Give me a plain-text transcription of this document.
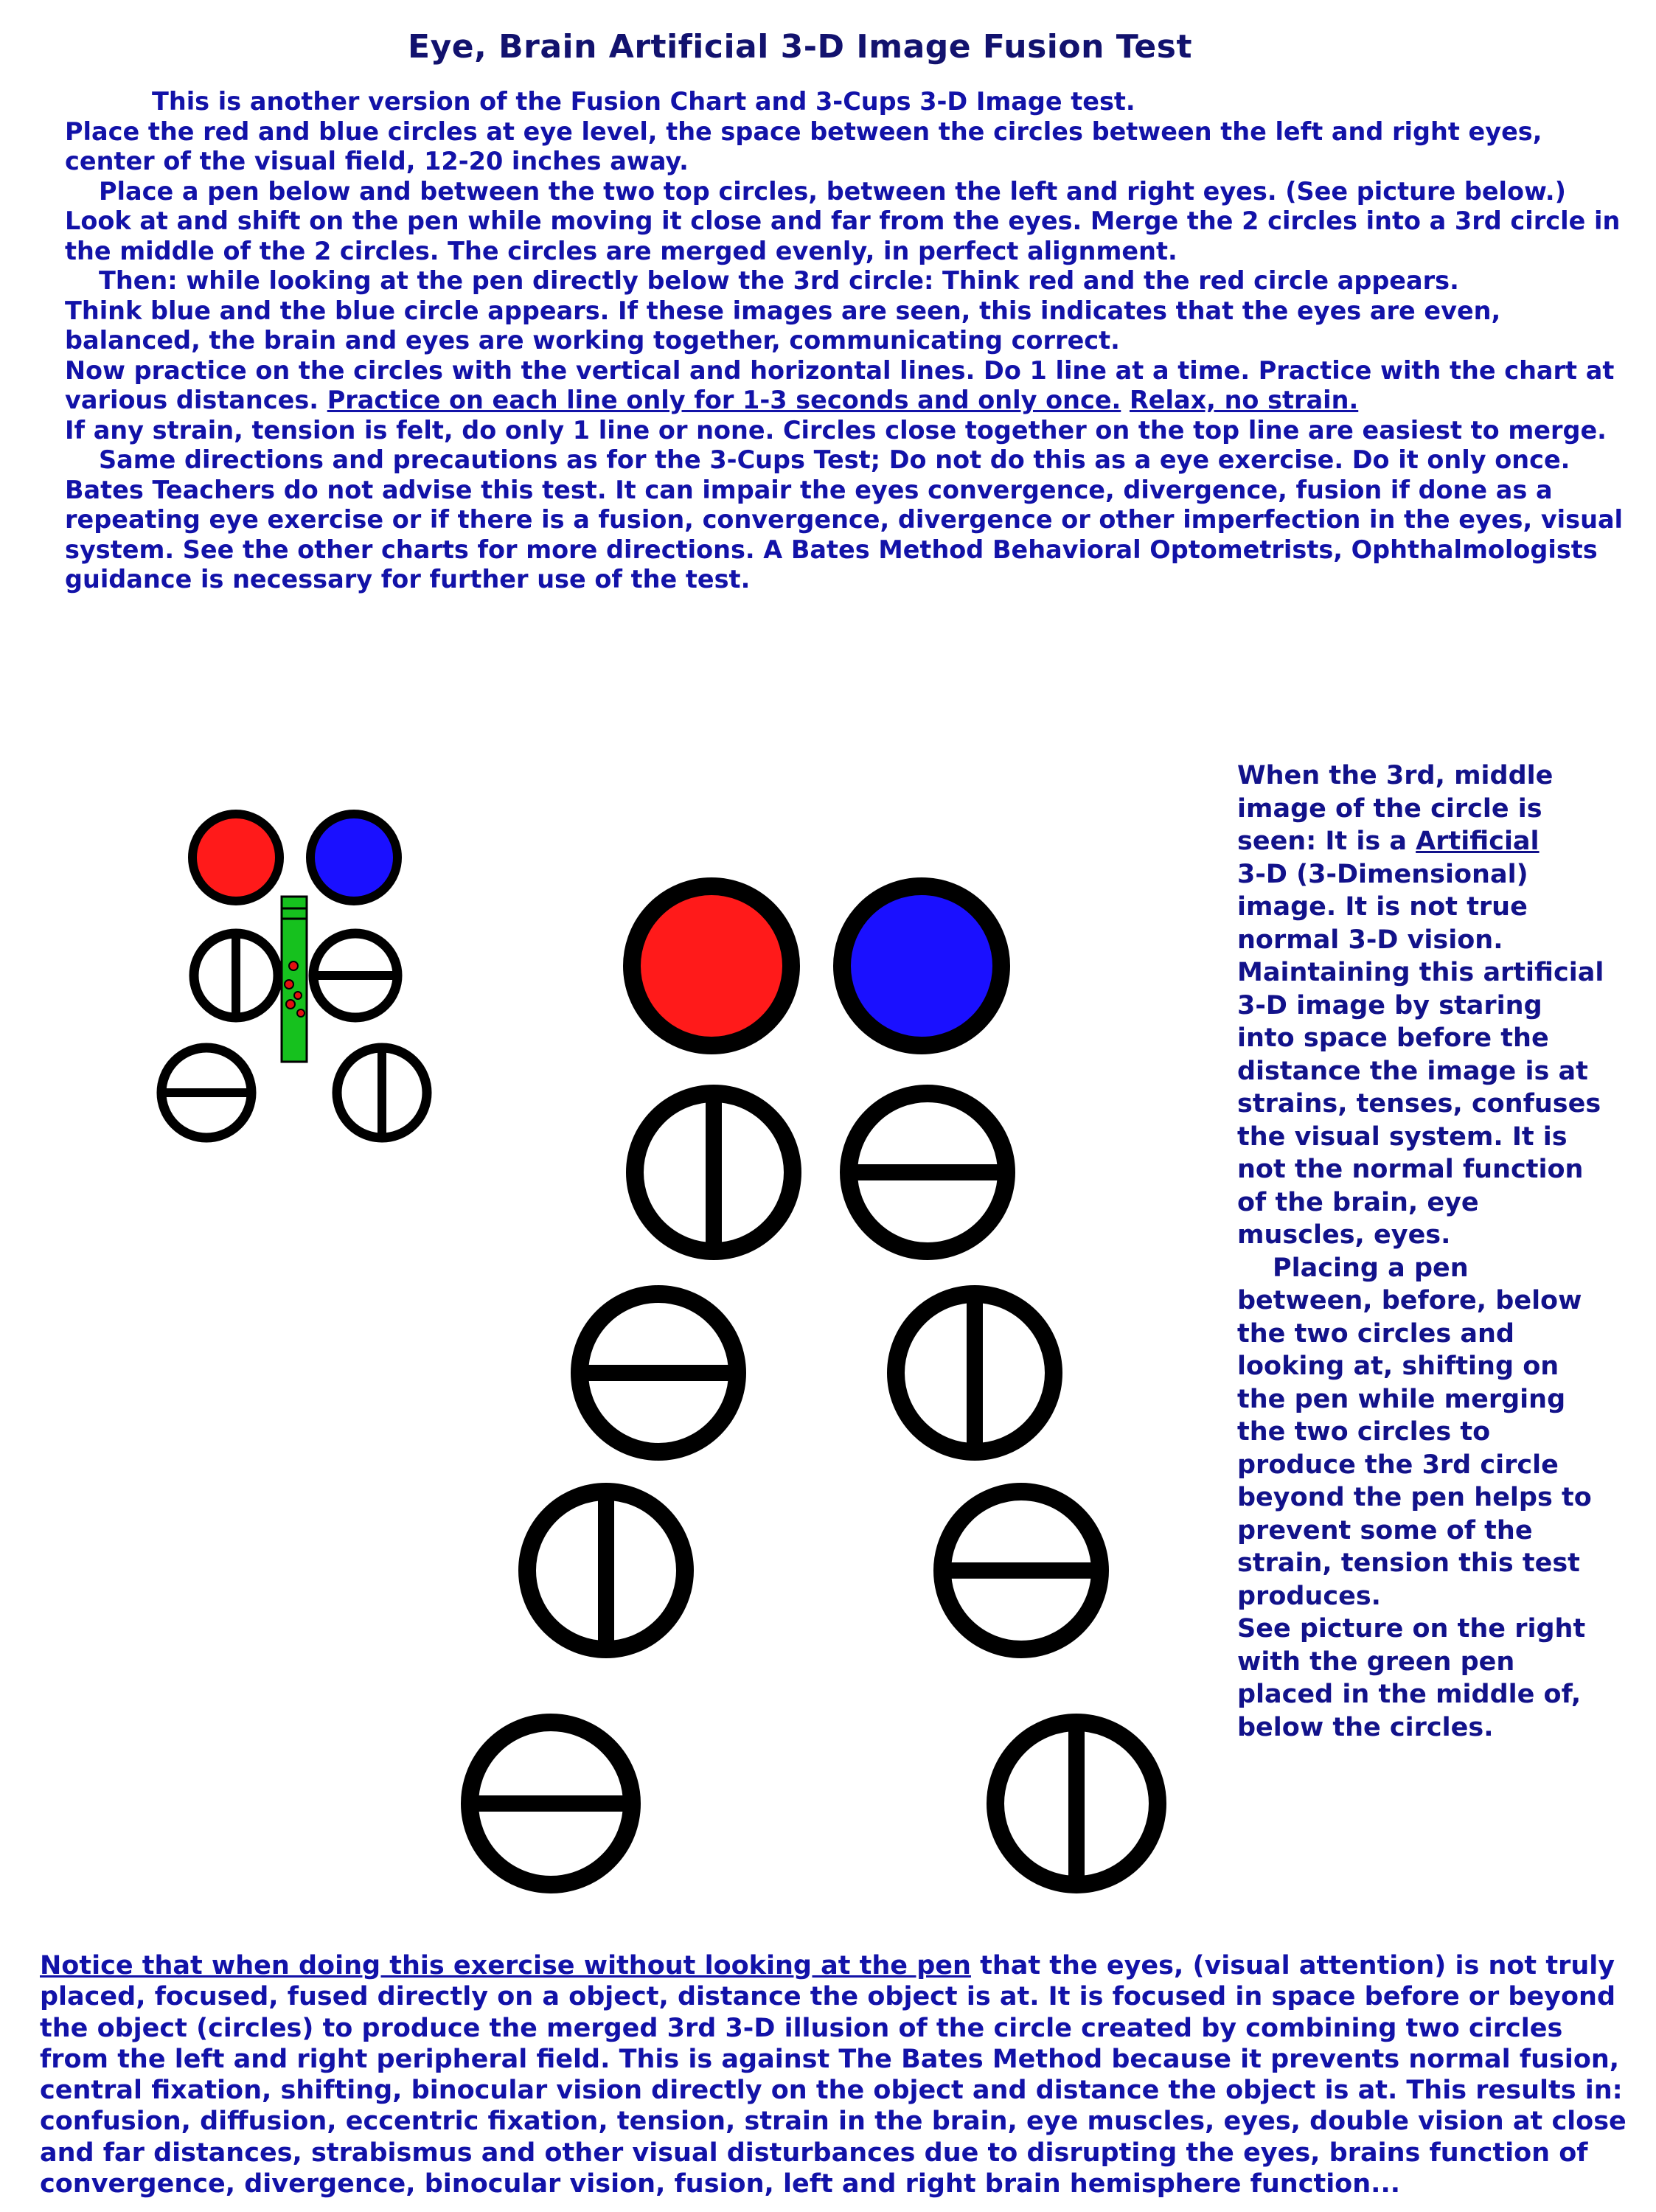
Eye, Brain Artificial 3-D Image Fusion Test

This is another version of the Fusion Chart and 3-Cups 3-D Image test.

Place the red and blue circles at eye level, the space between the circles between the left and right eyes,

center of the visual field, 12-20 inches away.

Place a pen below and between the two top circles, between the left and right eyes. (See picture below.)

Look at and shift on the pen while moving it close and far from the eyes. Merge the 2 circles into a 3rd circle in

the middle of the 2 circles. The circles are merged evenly, in perfect alignment.

Then: while looking at the pen directly below the 3rd circle: Think red and the red circle appears.

Think blue and the blue circle appears. If these images are seen, this indicates that the eyes are even,

balanced, the brain and eyes are working together, communicating correct.

Now practice on the circles with the vertical and horizontal lines. Do 1 line at a time. Practice with the chart at

various distances. Practice on each line only for 1-3 seconds and only once. Relax, no strain.

If any strain, tension is felt, do only 1 line or none. Circles close together on the top line are easiest to merge.

Same directions and precautions as for the 3-Cups Test; Do not do this as a eye exercise. Do it only once.

Bates Teachers do not advise this test. It can impair the eyes convergence, divergence, fusion if done as a

repeating eye exercise or if there is a fusion, convergence, divergence or other imperfection in the eyes, visual

system. See the other charts for more directions. A Bates Method Behavioral Optometrists, Ophthalmologists

guidance is necessary for further use of the test.

When the 3rd, middle

image of the circle is

seen: It is a Artificial

3-D (3-Dimensional)

image. It is not true

normal 3-D vision.

Maintaining this artificial

3-D image by staring

into space before the

distance the image is at

strains, tenses, confuses

the visual system. It is

not the normal function

of the brain, eye

muscles, eyes.

Placing a pen

between, before, below

the two circles and

looking at, shifting on

the pen while merging

the two circles to

produce the 3rd circle

beyond the pen helps to

prevent some of the

strain, tension this test

produces.

See picture on the right

with the green pen

placed in the middle of,

below the circles.

Notice that when doing this exercise without looking at the pen that the eyes, (visual attention) is not truly

placed, focused, fused directly on a object, distance the object is at. It is focused in space before or beyond

the object (circles) to produce the merged 3rd 3-D illusion of the circle created by combining two circles

from the left and right peripheral field. This is against The Bates Method because it prevents normal fusion,

central fixation, shifting, binocular vision directly on the object and distance the object is at. This results in:

confusion, diffusion, eccentric fixation, tension, strain in the brain, eye muscles, eyes, double vision at close

and far distances, strabismus and other visual disturbances due to disrupting the eyes, brains function of

convergence, divergence, binocular vision, fusion, left and right brain hemisphere function...
